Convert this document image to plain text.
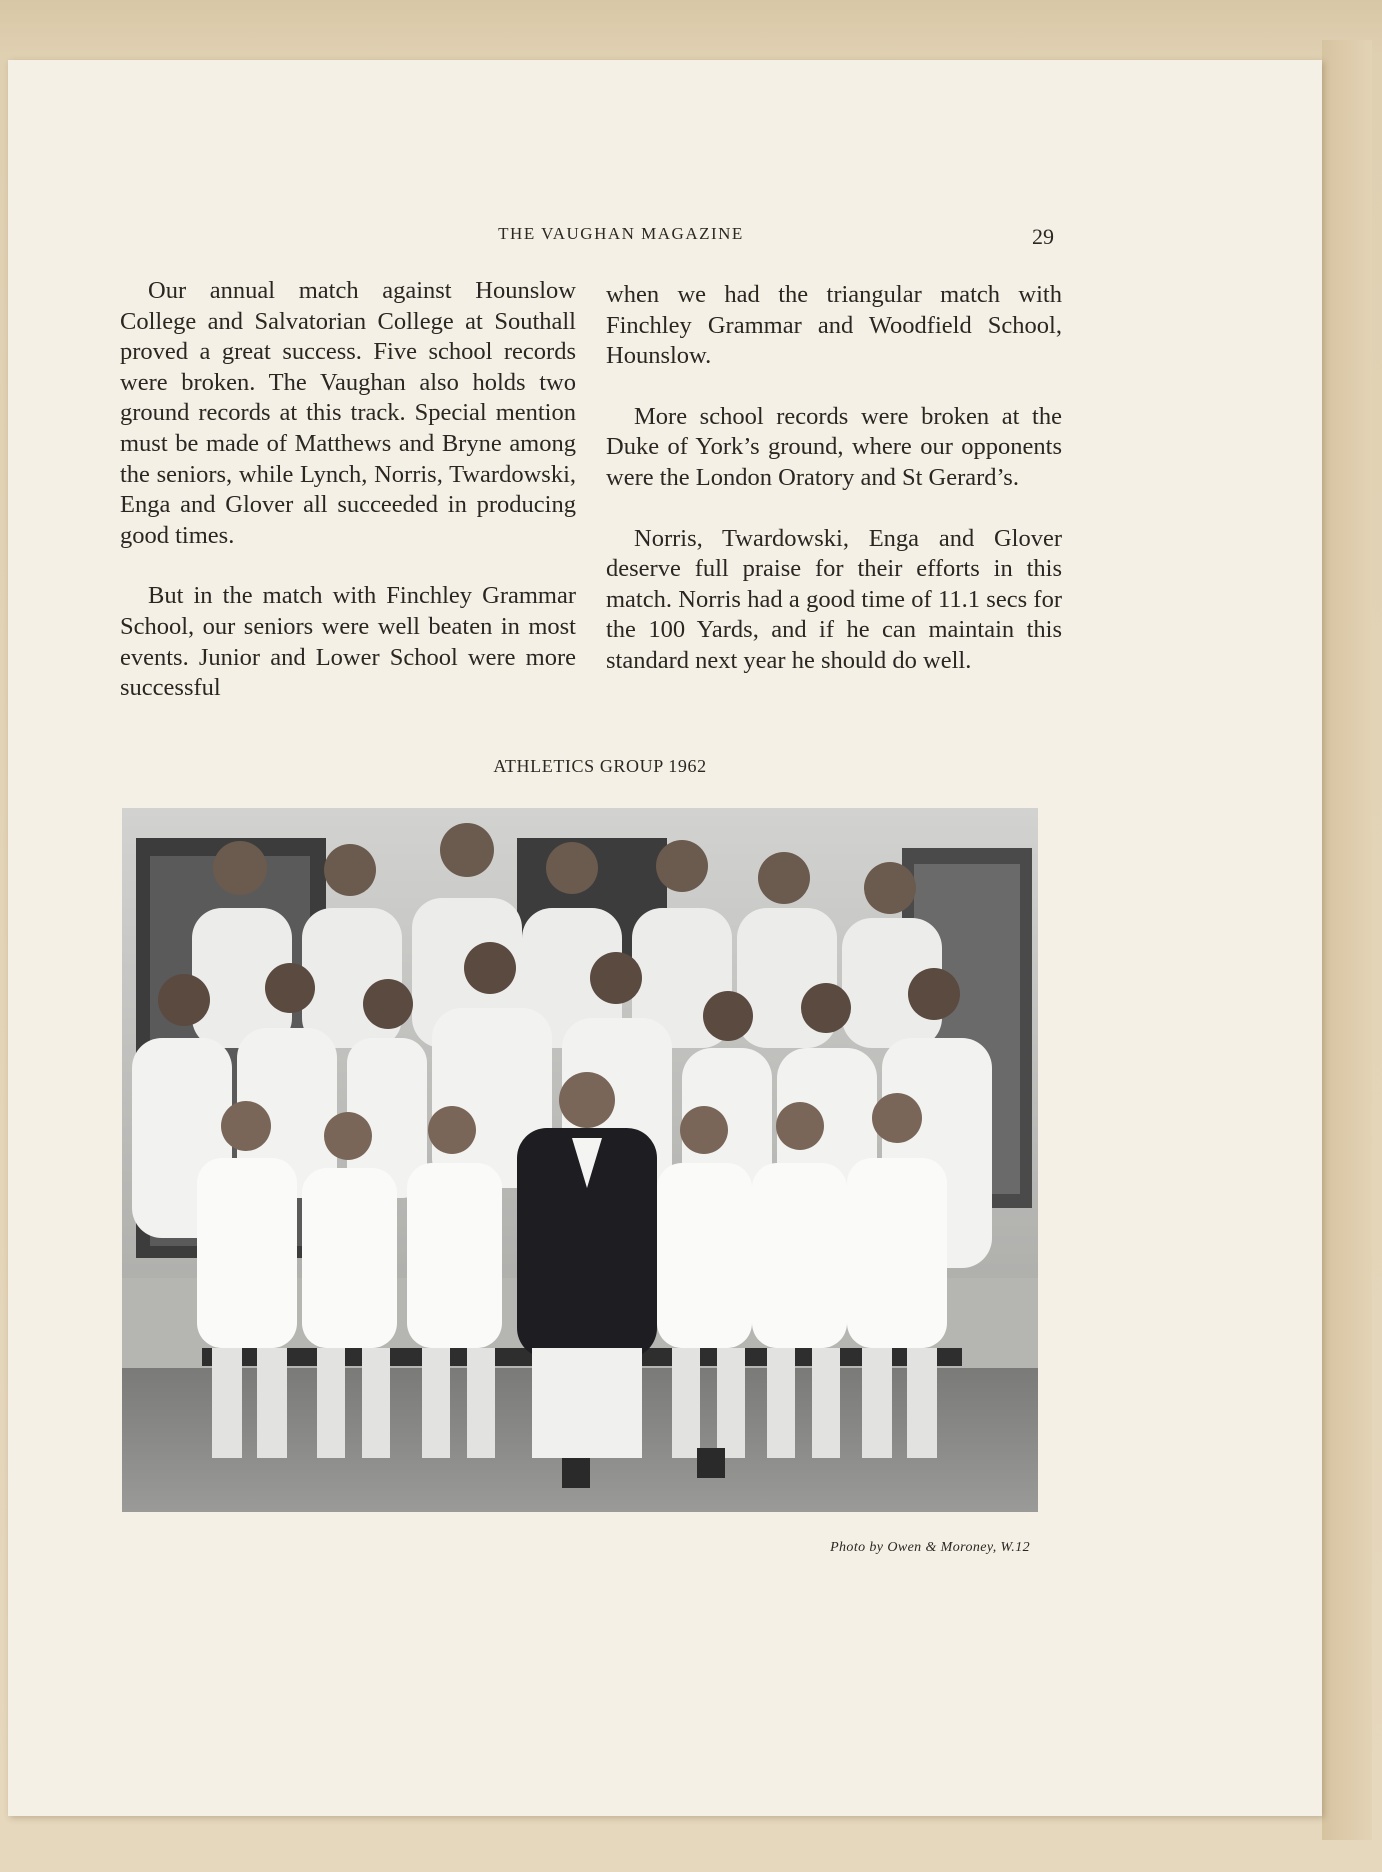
THE VAUGHAN MAGAZINE	29

Our annual match against Hounslow College and Salvatorian College at Southall proved a great success. Five school records were broken. The Vaughan also holds two ground records at this track. Special mention must be made of Matthews and Bryne among the seniors, while Lynch, Norris, Twardowski, Enga and Glover all succeeded in producing good times.

But in the match with Finchley Grammar School, our seniors were well beaten in most events. Junior and Lower School were more successful

when we had the triangular match with Finchley Grammar and Woodfield School, Hounslow.

More school records were broken at the Duke of York’s ground, where our opponents were the London Oratory and St Gerard’s.

Norris, Twardowski, Enga and Glover deserve full praise for their efforts in this match. Norris had a good time of 11.1 secs for the 100 Yards, and if he can maintain this standard next year he should do well.

ATHLETICS GROUP 1962
Photo by Owen & Moroney, W.12
